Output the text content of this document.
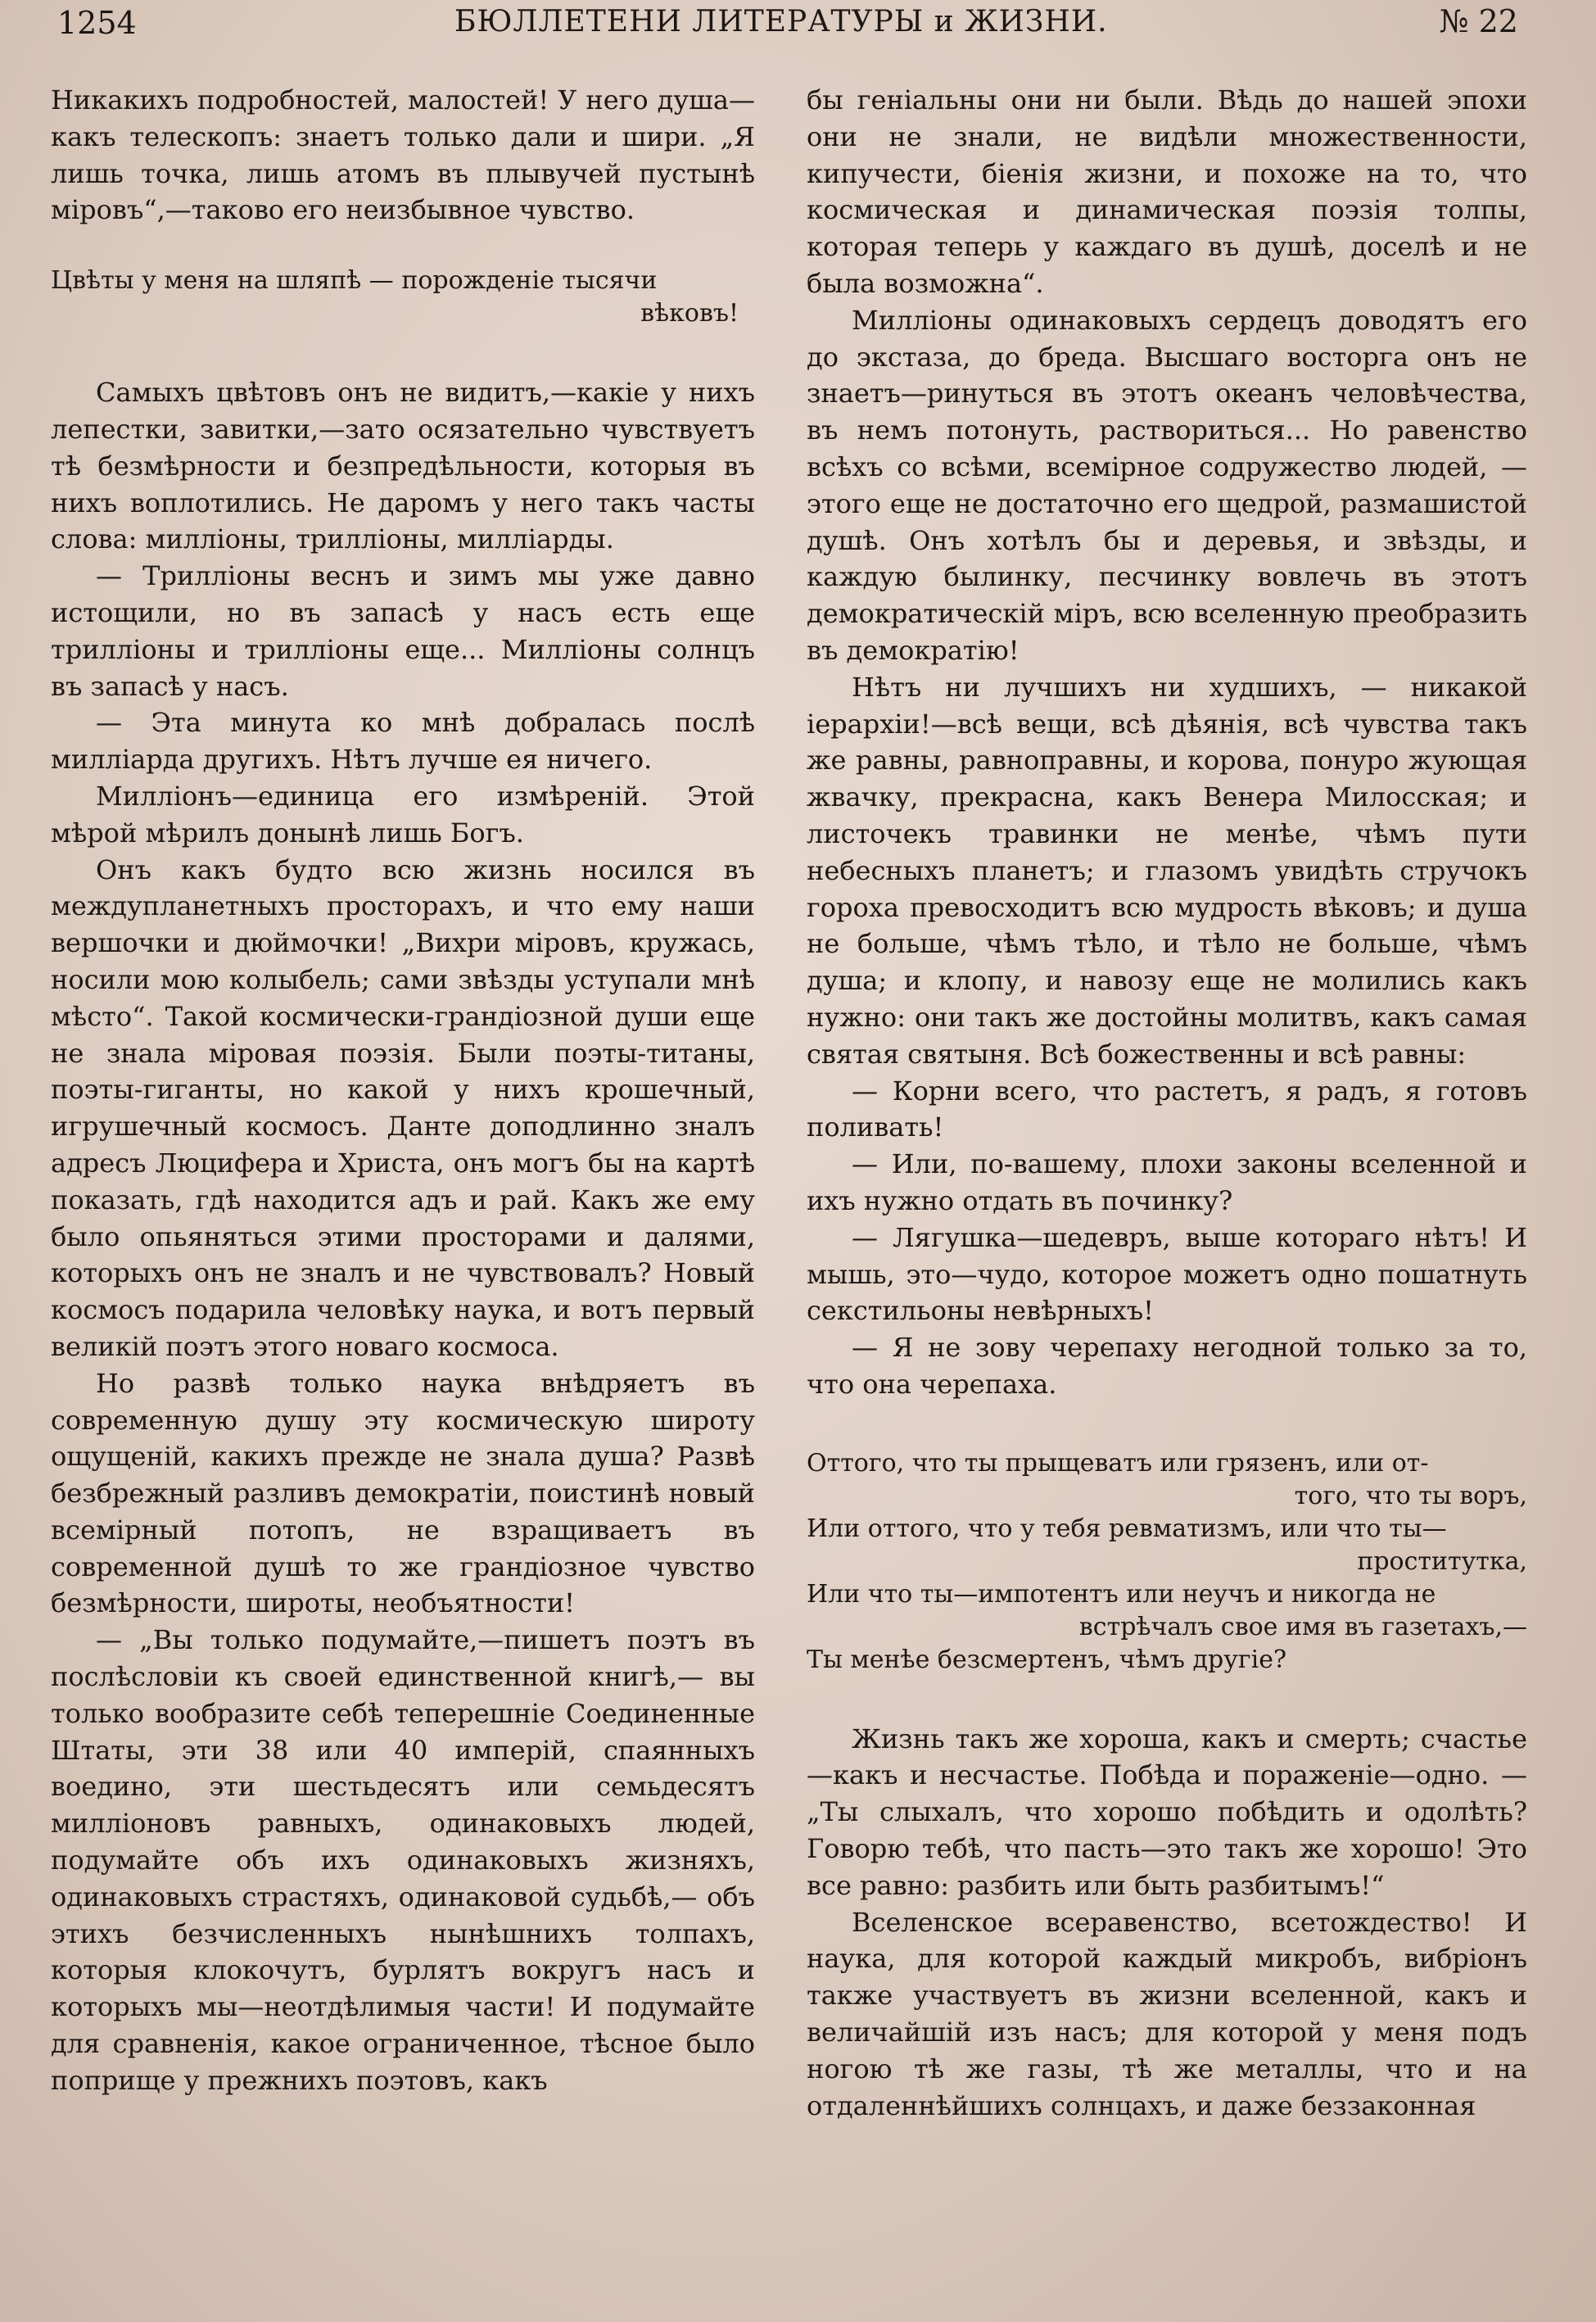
1254	БЮЛЛЕТЕНИ ЛИТЕРАТУРЫ и ЖИЗНИ.	№ 22

Никакихъ подробностей, малостей! У него душа—какъ телескопъ: знаетъ только дали и шири. „Я лишь точка, лишь атомъ въ плывучей пустынѣ міровъ“,—таково его неизбывное чувство.

Цвѣты у меня на шляпѣ — порожденіе тысячи
вѣковъ!

Самыхъ цвѣтовъ онъ не видитъ,—какіе у нихъ лепестки, завитки,—зато осязательно чувствуетъ тѣ безмѣрности и безпредѣльности, которыя въ нихъ воплотились. Не даромъ у него такъ часты слова: милліоны, трилліоны, милліарды.

— Трилліоны веснъ и зимъ мы уже давно истощили, но въ запасѣ у насъ есть еще трилліоны и трилліоны еще... Милліоны солнцъ въ запасѣ у насъ.

— Эта минута ко мнѣ добралась послѣ милліарда другихъ. Нѣтъ лучше ея ничего.

Милліонъ—единица его измѣреній. Этой мѣрой мѣрилъ донынѣ лишь Богъ.

Онъ какъ будто всю жизнь носился въ междупланетныхъ просторахъ, и что ему наши вершочки и дюймочки! „Вихри міровъ, кружась, носили мою колыбель; сами звѣзды уступали мнѣ мѣсто“. Такой космически-грандіозной души еще не знала міровая поэзія. Были поэты-титаны, поэты-гиганты, но какой у нихъ крошечный, игрушечный космосъ. Данте доподлинно зналъ адресъ Люцифера и Христа, онъ могъ бы на картѣ показать, гдѣ находится адъ и рай. Какъ же ему было опьяняться этими просторами и далями, которыхъ онъ не зналъ и не чувствовалъ? Новый космосъ подарила человѣку наука, и вотъ первый великій поэтъ этого новаго космоса.

Но развѣ только наука внѣдряетъ въ современную душу эту космическую широту ощущеній, какихъ прежде не знала душа? Развѣ безбрежный разливъ демократіи, поистинѣ новый всемірный потопъ, не взращиваетъ въ современной душѣ то же грандіозное чувство безмѣрности, широты, необъятности!

— „Вы только подумайте,—пишетъ поэтъ въ послѣсловіи къ своей единственной книгѣ,— вы только вообразите себѣ теперешніе Соединенные Штаты, эти 38 или 40 имперій, спаянныхъ воедино, эти шестьдесятъ или семьдесятъ милліоновъ равныхъ, одинаковыхъ людей, подумайте объ ихъ одинаковыхъ жизняхъ, одинаковыхъ страстяхъ, одинаковой судьбѣ,— объ этихъ безчисленныхъ нынѣшнихъ толпахъ, которыя клокочутъ, бурлятъ вокругъ насъ и которыхъ мы—неотдѣлимыя части! И подумайте для сравненія, какое ограниченное, тѣсное было поприще у прежнихъ поэтовъ, какъ

бы геніальны они ни были. Вѣдь до нашей эпохи они не знали, не видѣли множественности, кипучести, біенія жизни, и похоже на то, что космическая и динамическая поэзія толпы, которая теперь у каждаго въ душѣ, доселѣ и не была возможна“.

Милліоны одинаковыхъ сердецъ доводятъ его до экстаза, до бреда. Высшаго восторга онъ не знаетъ—ринуться въ этотъ океанъ человѣчества, въ немъ потонуть, раствориться... Но равенство всѣхъ со всѣми, всемірное содружество людей, — этого еще не достаточно его щедрой, размашистой душѣ. Онъ хотѣлъ бы и деревья, и звѣзды, и каждую былинку, песчинку вовлечь въ этотъ демократическій міръ, всю вселенную преобразить въ демократію!

Нѣтъ ни лучшихъ ни худшихъ, — никакой іерархіи!—всѣ вещи, всѣ дѣянія, всѣ чувства такъ же равны, равноправны, и корова, понуро жующая жвачку, прекрасна, какъ Венера Милосская; и листочекъ травинки не менѣе, чѣмъ пути небесныхъ планетъ; и глазомъ увидѣть стручокъ гороха превосходитъ всю мудрость вѣковъ; и душа не больше, чѣмъ тѣло, и тѣло не больше, чѣмъ душа; и клопу, и навозу еще не молились какъ нужно: они такъ же достойны молитвъ, какъ самая святая святыня. Всѣ божественны и всѣ равны:

— Корни всего, что растетъ, я радъ, я готовъ поливать!

— Или, по-вашему, плохи законы вселенной и ихъ нужно отдать въ починку?

— Лягушка—шедевръ, выше котораго нѣтъ! И мышь, это—чудо, которое можетъ одно пошатнуть секстильоны невѣрныхъ!

— Я не зову черепаху негодной только за то, что она черепаха.

Оттого, что ты прыщеватъ или грязенъ, или от-
того, что ты воръ,
Или оттого, что у тебя ревматизмъ, или что ты—
проститутка,
Или что ты—импотентъ или неучъ и никогда не
встрѣчалъ свое имя въ газетахъ,—
Ты менѣе безсмертенъ, чѣмъ другіе?

Жизнь такъ же хороша, какъ и смерть; счастье—какъ и несчастье. Побѣда и пораженіе—одно. — „Ты слыхалъ, что хорошо побѣдить и одолѣть? Говорю тебѣ, что пасть—это такъ же хорошо! Это все равно: разбить или быть разбитымъ!“

Вселенское всеравенство, всетождество! И наука, для которой каждый микробъ, вибріонъ также участвуетъ въ жизни вселенной, какъ и величайшій изъ насъ; для которой у меня подъ ногою тѣ же газы, тѣ же металлы, что и на отдаленнѣйшихъ солнцахъ, и даже беззаконная
